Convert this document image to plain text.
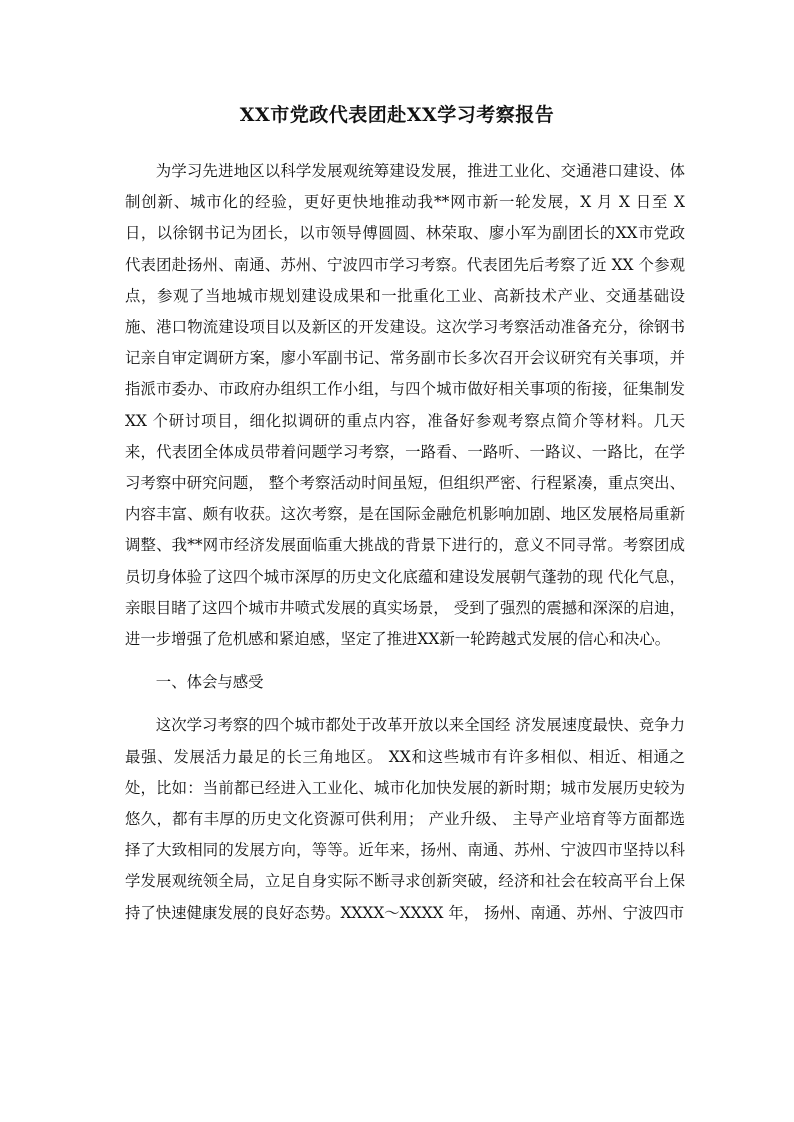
XX市党政代表团赴XX学习考察报告

为学习先进地区以科学发展观统筹建设发展，推进工业化、交通港口建设、体制创新、城市化的经验，更好更快地推动我**网市新一轮发展，X 月 X 日至 X 日，以徐钢书记为团长，以市领导傅圆圆、林荣取、廖小军为副团长的XX市党政代表团赴扬州、南通、苏州、宁波四市学习考察。代表团先后考察了近 XX 个参观点，参观了当地城市规划建设成果和一批重化工业、高新技术产业、交通基础设施、港口物流建设项目以及新区的开发建设。这次学习考察活动准备充分，徐钢书记亲自审定调研方案，廖小军副书记、常务副市长多次召开会议研究有关事项，并指派市委办、市政府办组织工作小组，与四个城市做好相关事项的衔接，征集制发 XX 个研讨项目，细化拟调研的重点内容，准备好参观考察点简介等材料。几天来，代表团全体成员带着问题学习考察，一路看、一路听、一路议、一路比，在学习考察中研究问题， 整个考察活动时间虽短，但组织严密、行程紧凑，重点突出、 内容丰富、颇有收获。这次考察，是在国际金融危机影响加剧、地区发展格局重新调整、我**网市经济发展面临重大挑战的背景下进行的，意义不同寻常。考察团成员切身体验了这四个城市深厚的历史文化底蕴和建设发展朝气蓬勃的现 代化气息，亲眼目睹了这四个城市井喷式发展的真实场景， 受到了强烈的震撼和深深的启迪，进一步增强了危机感和紧迫感，坚定了推进XX新一轮跨越式发展的信心和决心。

一、体会与感受

这次学习考察的四个城市都处于改革开放以来全国经 济发展速度最快、竞争力最强、发展活力最足的长三角地区。 XX和这些城市有许多相似、相近、相通之处，比如：当前都已经进入工业化、城市化加快发展的新时期；城市发展历史较为悠久，都有丰厚的历史文化资源可供利用； 产业升级、 主导产业培育等方面都选择了大致相同的发展方向，等等。近年来，扬州、南通、苏州、宁波四市坚持以科学发展观统领全局，立足自身实际不断寻求创新突破，经济和社会在较高平台上保持了快速健康发展的良好态势。XXXX～XXXX 年， 扬州、南通、苏州、宁波四市
